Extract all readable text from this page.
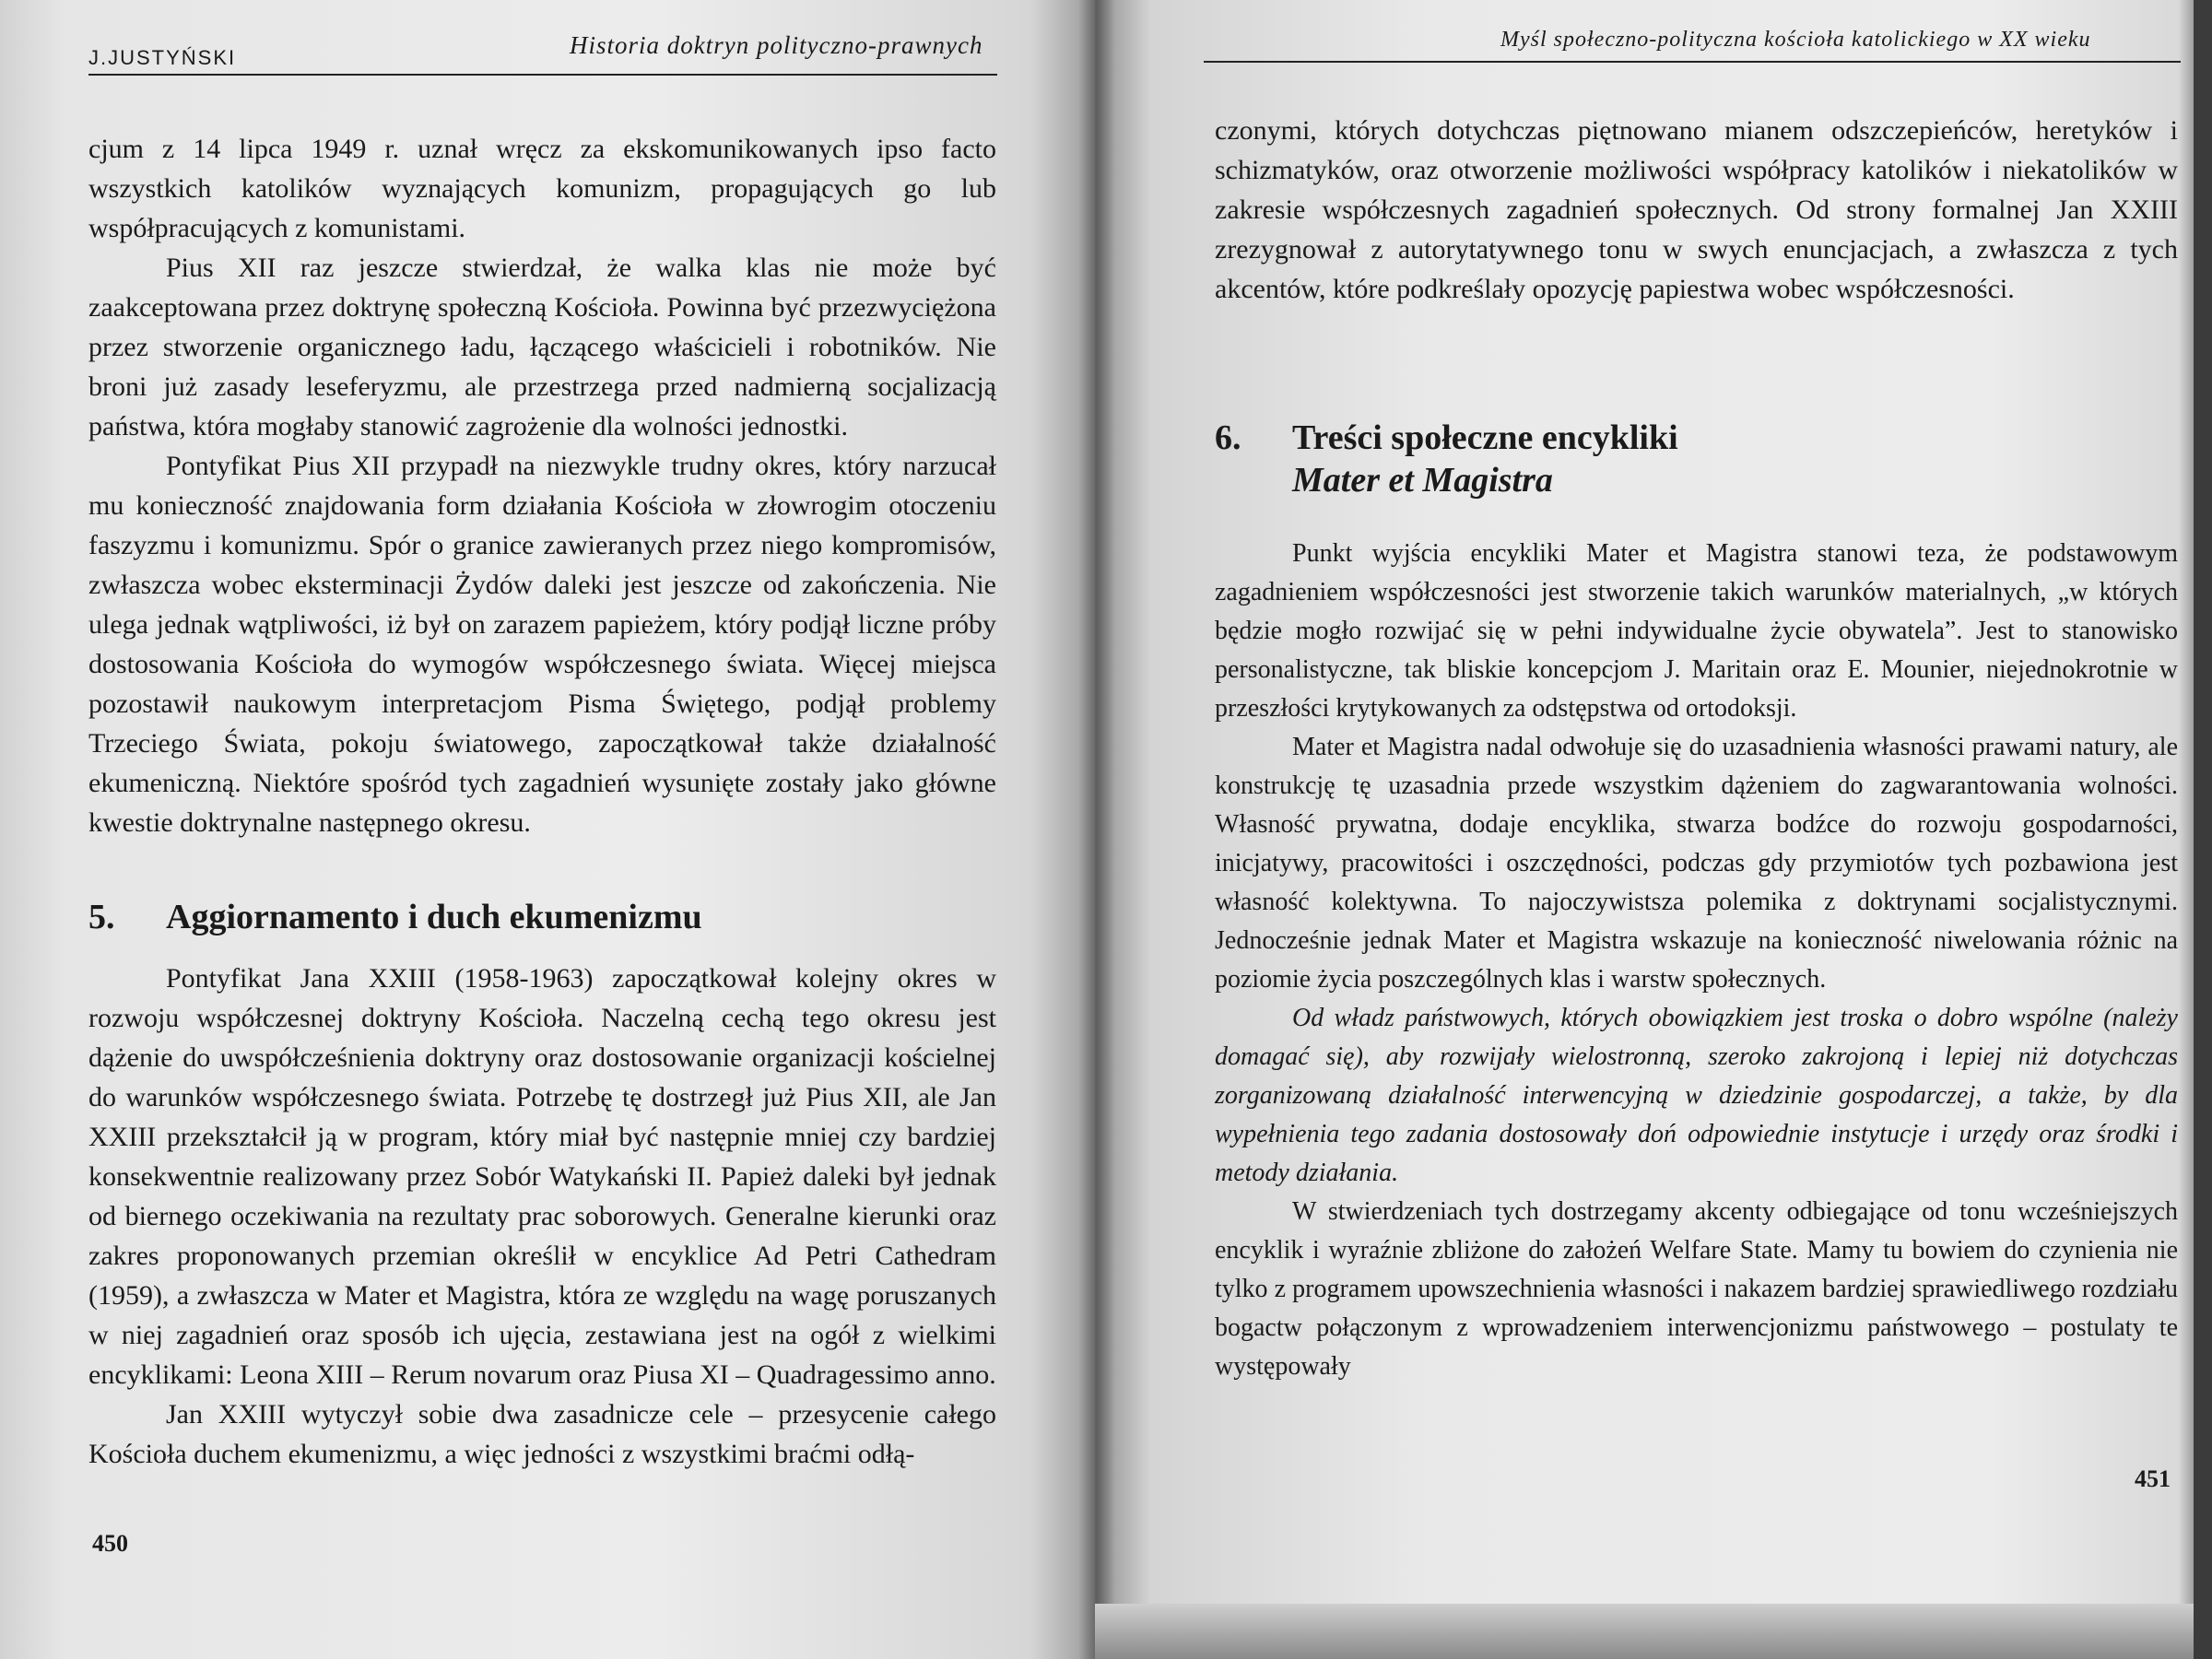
J.JUSTYŃSKI	Historia doktryn polityczno-prawnych

cjum z 14 lipca 1949 r. uznał wręcz za ekskomunikowanych ipso facto wszystkich katolików wyznających komunizm, propagujących go lub współpracujących z komunistami.

Pius XII raz jeszcze stwierdzał, że walka klas nie może być zaakceptowana przez doktrynę społeczną Kościoła. Powinna być przezwyciężona przez stworzenie organicznego ładu, łączącego właścicieli i robotników. Nie broni już zasady leseferyzmu, ale przestrzega przed nadmierną socjalizacją państwa, która mogłaby stanowić zagrożenie dla wolności jednostki.

Pontyfikat Pius XII przypadł na niezwykle trudny okres, który narzucał mu konieczność znajdowania form działania Kościoła w złowrogim otoczeniu faszyzmu i komunizmu. Spór o granice zawieranych przez niego kompromisów, zwłaszcza wobec eksterminacji Żydów daleki jest jeszcze od zakończenia. Nie ulega jednak wątpliwości, iż był on zarazem papieżem, który podjął liczne próby dostosowania Kościoła do wymogów współczesnego świata. Więcej miejsca pozostawił naukowym interpretacjom Pisma Świętego, podjął problemy Trzeciego Świata, pokoju światowego, zapoczątkował także działalność ekumeniczną. Niektóre spośród tych zagadnień wysunięte zostały jako główne kwestie doktrynalne następnego okresu.

5. Aggiornamento i duch ekumenizmu

Pontyfikat Jana XXIII (1958-1963) zapoczątkował kolejny okres w rozwoju współczesnej doktryny Kościoła. Naczelną cechą tego okresu jest dążenie do uwspółcześnienia doktryny oraz dostosowanie organizacji kościelnej do warunków współczesnego świata. Potrzebę tę dostrzegł już Pius XII, ale Jan XXIII przekształcił ją w program, który miał być następnie mniej czy bardziej konsekwentnie realizowany przez Sobór Watykański II. Papież daleki był jednak od biernego oczekiwania na rezultaty prac soborowych. Generalne kierunki oraz zakres proponowanych przemian określił w encyklice Ad Petri Cathedram (1959), a zwłaszcza w Mater et Magistra, która ze względu na wagę poruszanych w niej zagadnień oraz sposób ich ujęcia, zestawiana jest na ogół z wielkimi encyklikami: Leona XIII – Rerum novarum oraz Piusa XI – Quadragessimo anno.

Jan XXIII wytyczył sobie dwa zasadnicze cele – przesycenie całego Kościoła duchem ekumenizmu, a więc jedności z wszystkimi braćmi odłą-

450
Myśl społeczno-polityczna kościoła katolickiego w XX wieku

czonymi, których dotychczas piętnowano mianem odszczepieńców, heretyków i schizmatyków, oraz otworzenie możliwości współpracy katolików i niekatolików w zakresie współczesnych zagadnień społecznych. Od strony formalnej Jan XXIII zrezygnował z autorytatywnego tonu w swych enuncjacjach, a zwłaszcza z tych akcentów, które podkreślały opozycję papiestwa wobec współczesności.

6. Treści społeczne encykliki
Mater et Magistra

Punkt wyjścia encykliki Mater et Magistra stanowi teza, że podstawowym zagadnieniem współczesności jest stworzenie takich warunków materialnych, „w których będzie mogło rozwijać się w pełni indywidualne życie obywatela”. Jest to stanowisko personalistyczne, tak bliskie koncepcjom J. Maritain oraz E. Mounier, niejednokrotnie w przeszłości krytykowanych za odstępstwa od ortodoksji.

Mater et Magistra nadal odwołuje się do uzasadnienia własności prawami natury, ale konstrukcję tę uzasadnia przede wszystkim dążeniem do zagwarantowania wolności. Własność prywatna, dodaje encyklika, stwarza bodźce do rozwoju gospodarności, inicjatywy, pracowitości i oszczędności, podczas gdy przymiotów tych pozbawiona jest własność kolektywna. To najoczywistsza polemika z doktrynami socjalistycznymi. Jednocześnie jednak Mater et Magistra wskazuje na konieczność niwelowania różnic na poziomie życia poszczególnych klas i warstw społecznych.

Od władz państwowych, których obowiązkiem jest troska o dobro wspólne (należy domagać się), aby rozwijały wielostronną, szeroko zakrojoną i lepiej niż dotychczas zorganizowaną działalność interwencyjną w dziedzinie gospodarczej, a także, by dla wypełnienia tego zadania dostosowały doń odpowiednie instytucje i urzędy oraz środki i metody działania.

W stwierdzeniach tych dostrzegamy akcenty odbiegające od tonu wcześniejszych encyklik i wyraźnie zbliżone do założeń Welfare State. Mamy tu bowiem do czynienia nie tylko z programem upowszechnienia własności i nakazem bardziej sprawiedliwego rozdziału bogactw połączonym z wprowadzeniem interwencjonizmu państwowego – postulaty te występowały

451
